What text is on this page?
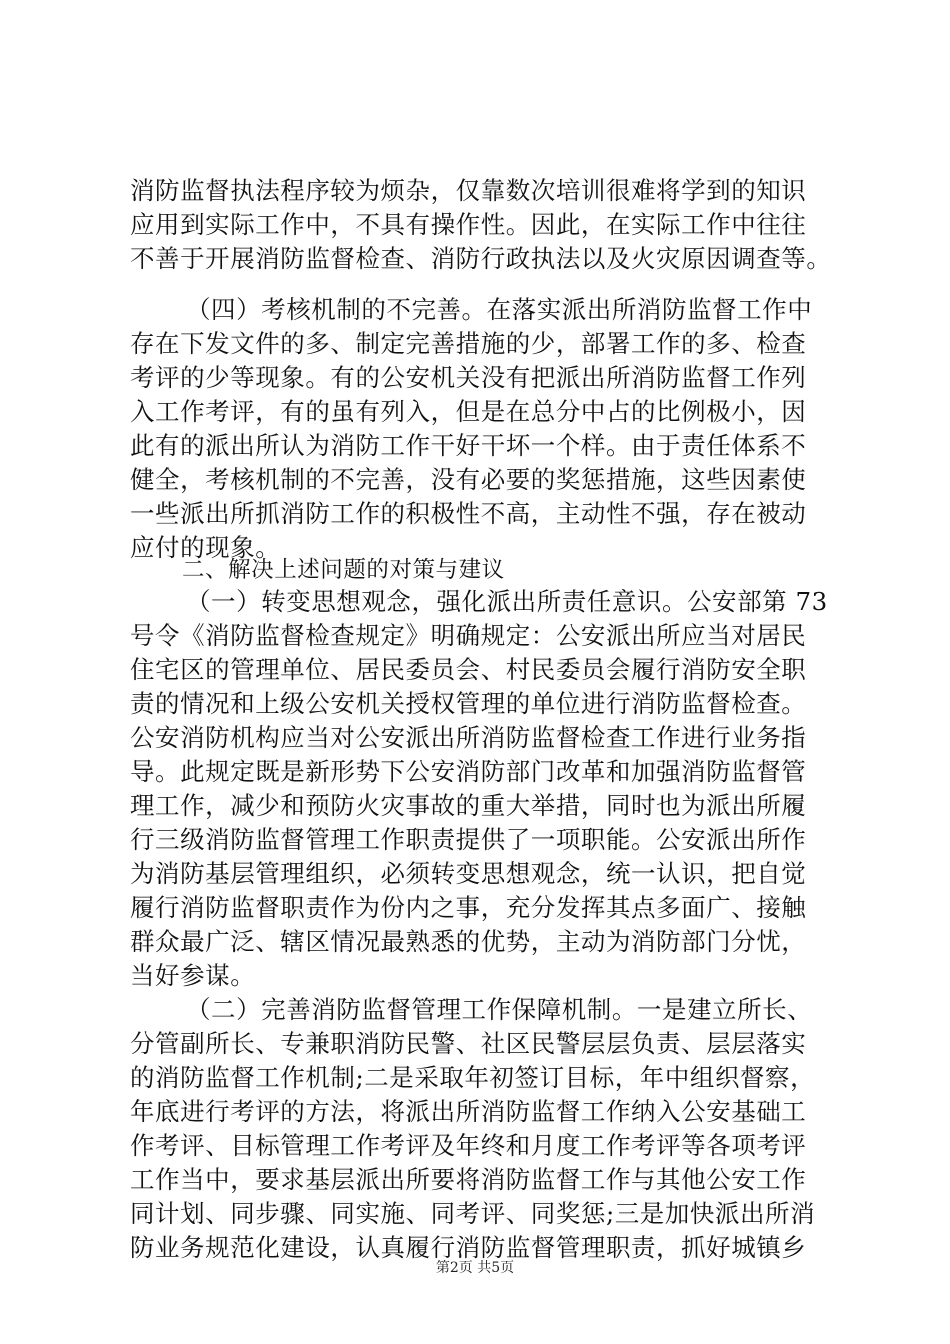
消防监督执法程序较为烦杂，仅靠数次培训很难将学到的知识
应用到实际工作中，不具有操作性。因此，在实际工作中往往
不善于开展消防监督检查、消防行政执法以及火灾原因调查等。
（四）考核机制的不完善。在落实派出所消防监督工作中
存在下发文件的多、制定完善措施的少，部署工作的多、检查
考评的少等现象。有的公安机关没有把派出所消防监督工作列
入工作考评，有的虽有列入，但是在总分中占的比例极小，因
此有的派出所认为消防工作干好干坏一个样。由于责任体系不
健全，考核机制的不完善，没有必要的奖惩措施，这些因素使
一些派出所抓消防工作的积极性不高，主动性不强，存在被动
应付的现象。
二、解决上述问题的对策与建议
（一）转变思想观念，强化派出所责任意识。公安部第 73
号令《消防监督检查规定》明确规定：公安派出所应当对居民
住宅区的管理单位、居民委员会、村民委员会履行消防安全职
责的情况和上级公安机关授权管理的单位进行消防监督检查。
公安消防机构应当对公安派出所消防监督检查工作进行业务指
导。此规定既是新形势下公安消防部门改革和加强消防监督管
理工作，减少和预防火灾事故的重大举措，同时也为派出所履
行三级消防监督管理工作职责提供了一项职能。公安派出所作
为消防基层管理组织，必须转变思想观念，统一认识，把自觉
履行消防监督职责作为份内之事，充分发挥其点多面广、接触
群众最广泛、辖区情况最熟悉的优势，主动为消防部门分忧，
当好参谋。
（二）完善消防监督管理工作保障机制。一是建立所长、
分管副所长、专兼职消防民警、社区民警层层负责、层层落实
的消防监督工作机制;二是采取年初签订目标，年中组织督察，
年底进行考评的方法，将派出所消防监督工作纳入公安基础工
作考评、目标管理工作考评及年终和月度工作考评等各项考评
工作当中，要求基层派出所要将消防监督工作与其他公安工作
同计划、同步骤、同实施、同考评、同奖惩;三是加快派出所消
防业务规范化建设，认真履行消防监督管理职责，抓好城镇乡
第2页 共5页
